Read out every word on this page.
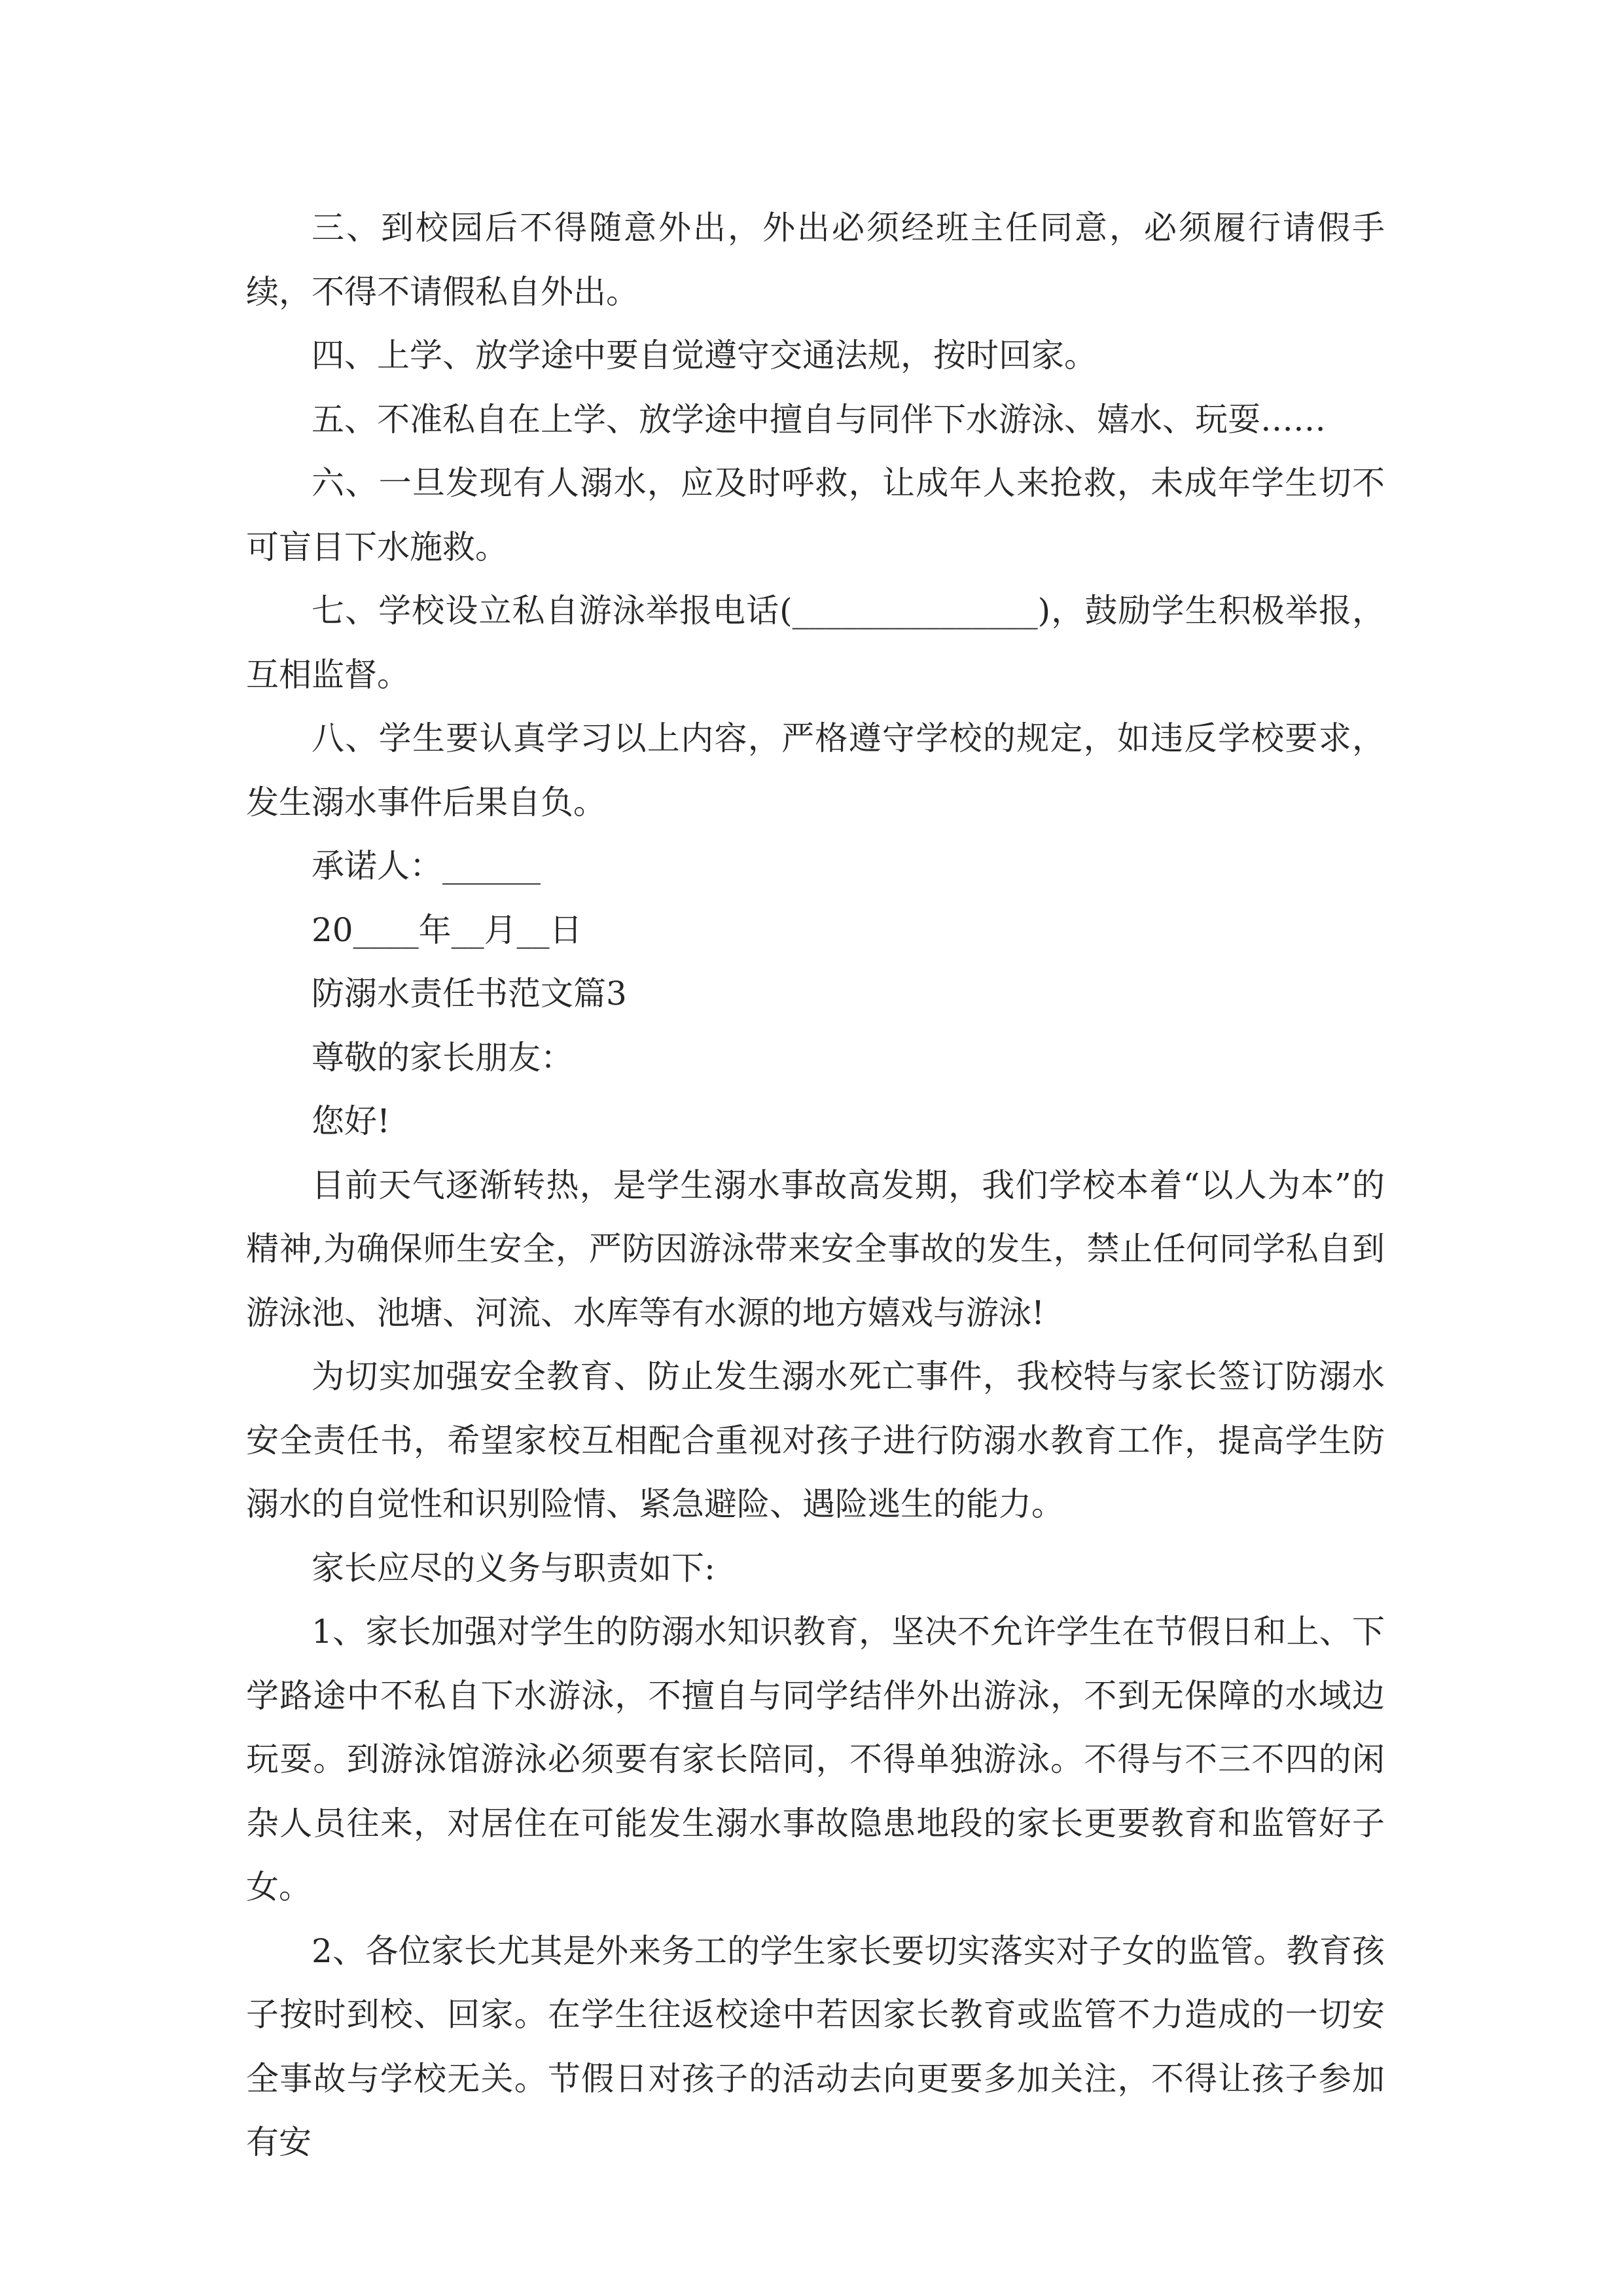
三、到校园后不得随意外出，外出必须经班主任同意，必须履行请假手续，不得不请假私自外出。

四、上学、放学途中要自觉遵守交通法规，按时回家。

五、不准私自在上学、放学途中擅自与同伴下水游泳、嬉水、玩耍……

六、一旦发现有人溺水，应及时呼救，让成年人来抢救，未成年学生切不可盲目下水施救。

七、学校设立私自游泳举报电话(_______________)，鼓励学生积极举报，互相监督。

八、学生要认真学习以上内容，严格遵守学校的规定，如违反学校要求，发生溺水事件后果自负。

承诺人：______

20____年__月__日

防溺水责任书范文篇3

尊敬的家长朋友：

您好!

目前天气逐渐转热，是学生溺水事故高发期，我们学校本着“以人为本”的精神,为确保师生安全，严防因游泳带来安全事故的发生，禁止任何同学私自到游泳池、池塘、河流、水库等有水源的地方嬉戏与游泳!

为切实加强安全教育、防止发生溺水死亡事件，我校特与家长签订防溺水安全责任书，希望家校互相配合重视对孩子进行防溺水教育工作，提高学生防溺水的自觉性和识别险情、紧急避险、遇险逃生的能力。

家长应尽的义务与职责如下:

1、家长加强对学生的防溺水知识教育，坚决不允许学生在节假日和上、下学路途中不私自下水游泳，不擅自与同学结伴外出游泳，不到无保障的水域边玩耍。到游泳馆游泳必须要有家长陪同，不得单独游泳。不得与不三不四的闲杂人员往来，对居住在可能发生溺水事故隐患地段的家长更要教育和监管好子女。

2、各位家长尤其是外来务工的学生家长要切实落实对子女的监管。教育孩子按时到校、回家。在学生往返校途中若因家长教育或监管不力造成的一切安全事故与学校无关。节假日对孩子的活动去向更要多加关注，不得让孩子参加有安
